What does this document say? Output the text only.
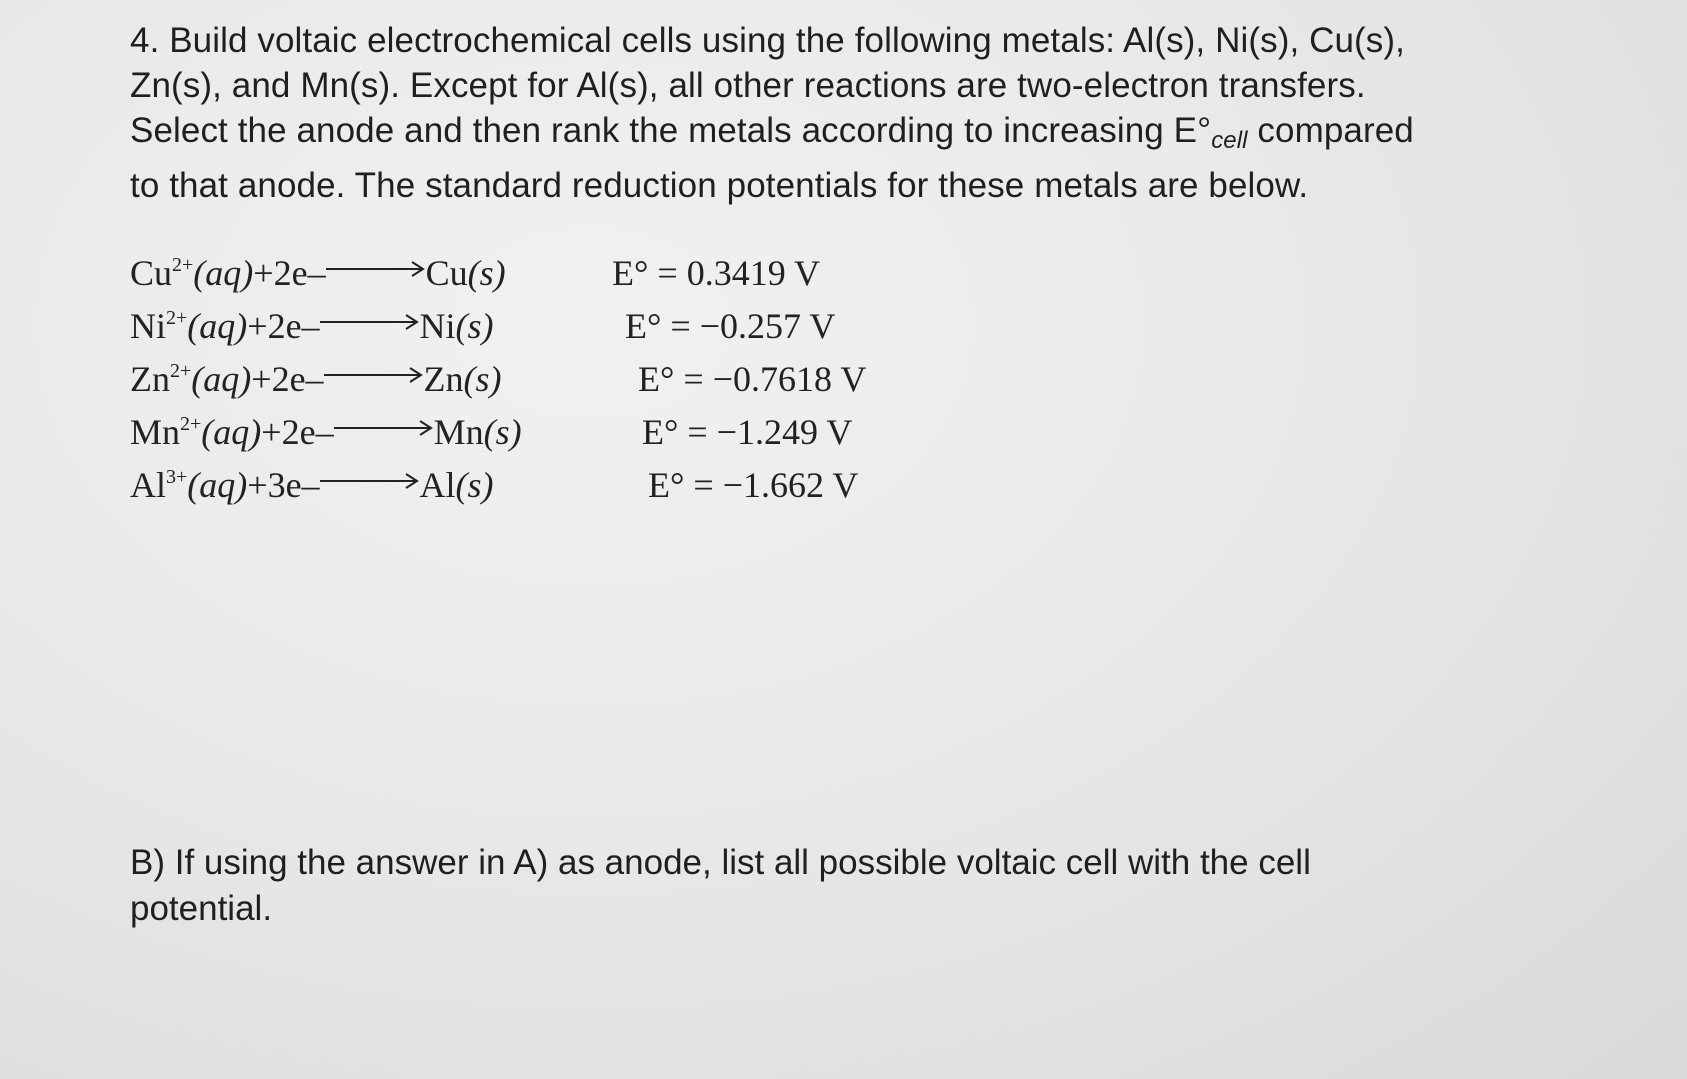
4. Build voltaic electrochemical cells using the following metals: Al(s), Ni(s), Cu(s),
Zn(s), and Mn(s). Except for Al(s), all other reactions are two-electron transfers.
Select the anode and then rank the metals according to increasing $E^\circ_{cell}$ compared
to that anode. The standard reduction potentials for these metals are below.
$Cu^{2+}(aq)+2e-\to Cu(s)$	E° = 0.3419 V
$Ni^{2+}(aq)+2e-\to Ni(s)$	E° = −0.257 V
$Zn^{2+}(aq)+2e-\to Zn(s)$	E° = −0.7618 V
$Mn^{2+}(aq)+2e-\to Mn(s)$	E° = −1.249 V
$Al^{3+}(aq)+3e-\to Al(s)$	E° = −1.662 V
B) If using the answer in A) as anode, list all possible voltaic cell with the cell
potential.
